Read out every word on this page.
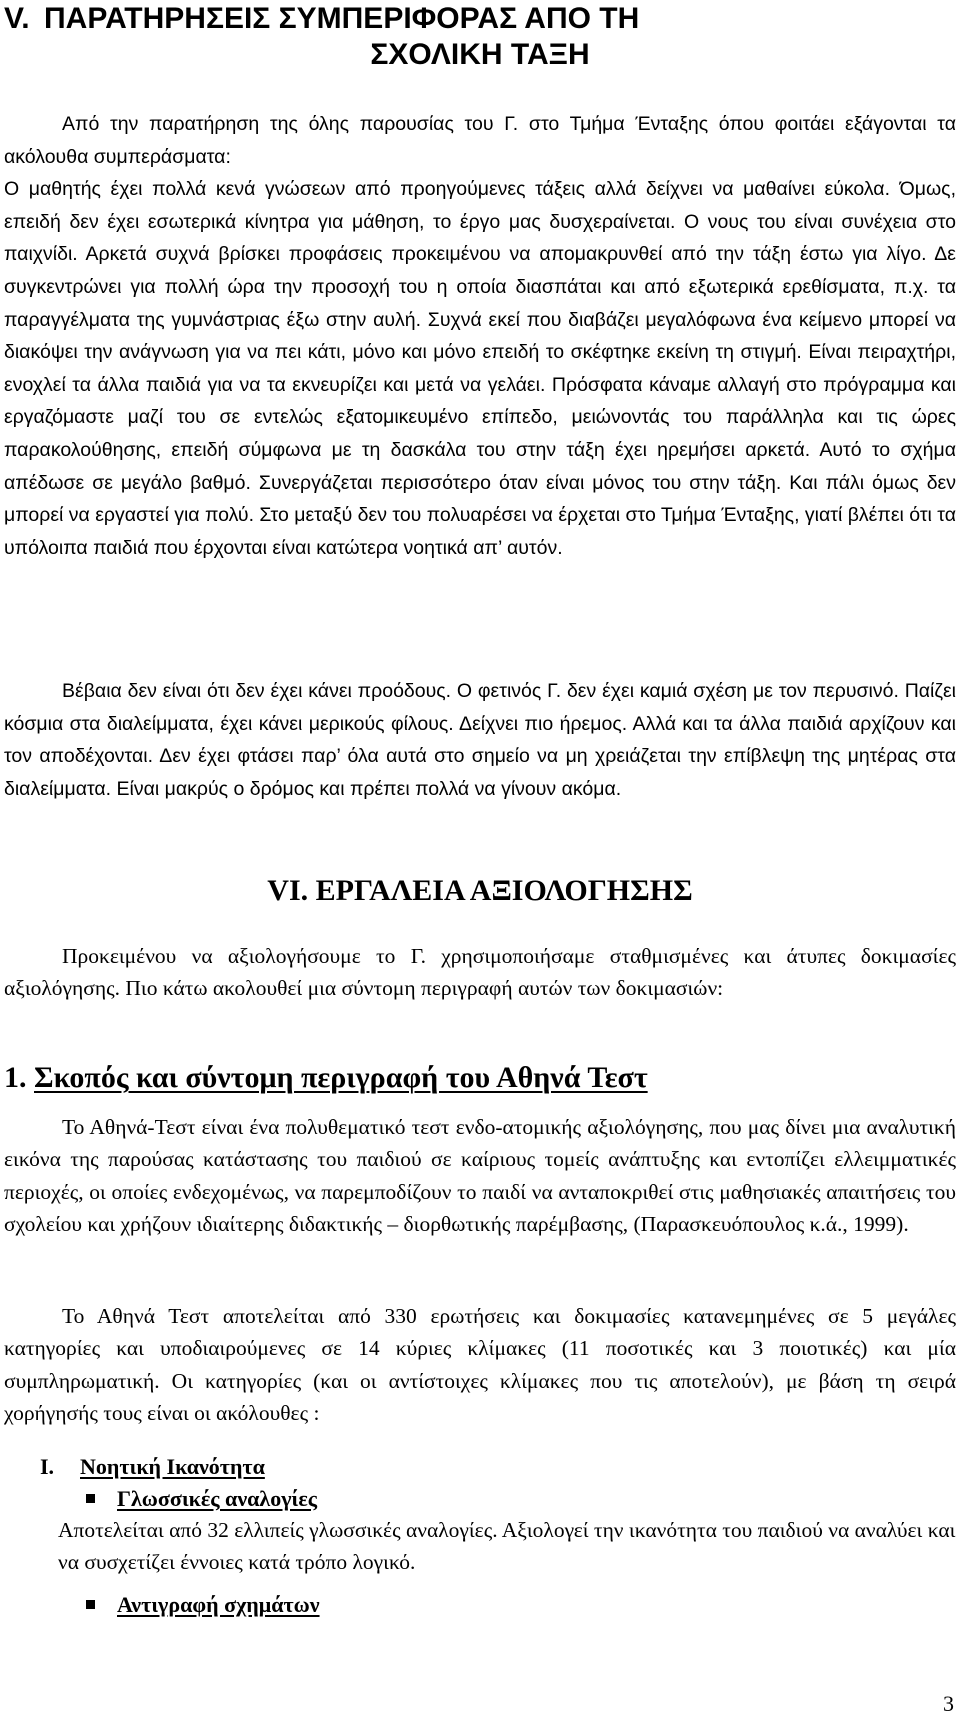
V. ΠΑΡΑΤΗΡΗΣΕΙΣ ΣΥΜΠΕΡΙΦΟΡΑΣ ΑΠΟ ΤΗ
ΣΧΟΛΙΚΗ ΤΑΞΗ
Από την παρατήρηση της όλης παρουσίας του Γ. στο Τμήμα Ένταξης όπου φοιτάει εξάγονται τα ακόλουθα συμπεράσματα:
Ο μαθητής έχει πολλά κενά γνώσεων από προηγούμενες τάξεις αλλά δείχνει να μαθαίνει εύκολα. Όμως, επειδή δεν έχει εσωτερικά κίνητρα για μάθηση, το έργο μας δυσχεραίνεται. Ο νους του είναι συνέχεια στο παιχνίδι. Αρκετά συχνά βρίσκει προφάσεις προκειμένου να απομακρυνθεί από την τάξη έστω για λίγο. Δε συγκεντρώνει για πολλή ώρα την προσοχή του η οποία διασπάται και από εξωτερικά ερεθίσματα, π.χ. τα παραγγέλματα της γυμνάστριας έξω στην αυλή. Συχνά εκεί που διαβάζει μεγαλόφωνα ένα κείμενο μπορεί να διακόψει την ανάγνωση για να πει κάτι, μόνο και μόνο επειδή το σκέφτηκε εκείνη τη στιγμή. Είναι πειραχτήρι, ενοχλεί τα άλλα παιδιά για να τα εκνευρίζει και μετά να γελάει. Πρόσφατα κάναμε αλλαγή στο πρόγραμμα και εργαζόμαστε μαζί του σε εντελώς εξατομικευμένο επίπεδο, μειώνοντάς του παράλληλα και τις ώρες παρακολούθησης, επειδή σύμφωνα με τη δασκάλα του στην τάξη έχει ηρεμήσει αρκετά. Αυτό το σχήμα απέδωσε σε μεγάλο βαθμό. Συνεργάζεται περισσότερο όταν είναι μόνος του στην τάξη. Και πάλι όμως δεν μπορεί να εργαστεί για πολύ. Στο μεταξύ δεν του πολυαρέσει να έρχεται στο Τμήμα Ένταξης, γιατί βλέπει ότι τα υπόλοιπα παιδιά που έρχονται είναι κατώτερα νοητικά απ’ αυτόν.
Βέβαια δεν είναι ότι δεν έχει κάνει προόδους. Ο φετινός Γ. δεν έχει καμιά σχέση με τον περυσινό. Παίζει κόσμια στα διαλείμματα, έχει κάνει μερικούς φίλους. Δείχνει πιο ήρεμος. Αλλά και τα άλλα παιδιά αρχίζουν και τον αποδέχονται. Δεν έχει φτάσει παρ’ όλα αυτά στο σημείο να μη χρειάζεται την επίβλεψη της μητέρας στα διαλείμματα. Είναι μακρύς ο δρόμος και πρέπει πολλά να γίνουν ακόμα.
VI. ΕΡΓΑΛΕΙΑ ΑΞΙΟΛΟΓΗΣΗΣ
Προκειμένου να αξιολογήσουμε το Γ. χρησιμοποιήσαμε σταθμισμένες και άτυπες δοκιμασίες αξιολόγησης. Πιο κάτω ακολουθεί μια σύντομη περιγραφή αυτών των δοκιμασιών:
1. Σκοπός και σύντομη περιγραφή του Αθηνά Τεστ
Το Αθηνά-Τεστ είναι ένα πολυθεματικό τεστ ενδο-ατομικής αξιολόγησης, που μας δίνει μια αναλυτική εικόνα της παρούσας κατάστασης του παιδιού σε καίριους τομείς ανάπτυξης και εντοπίζει ελλειμματικές περιοχές, οι οποίες ενδεχομένως, να παρεμποδίζουν το παιδί να ανταποκριθεί στις μαθησιακές απαιτήσεις του σχολείου και χρήζουν ιδιαίτερης διδακτικής – διορθωτικής παρέμβασης, (Παρασκευόπουλος κ.ά., 1999).
Το Αθηνά Τεστ αποτελείται από 330 ερωτήσεις και δοκιμασίες κατανεμημένες σε 5 μεγάλες κατηγορίες και υποδιαιρούμενες σε 14 κύριες κλίμακες (11 ποσοτικές και 3 ποιοτικές) και μία συμπληρωματική. Οι κατηγορίες (και οι αντίστοιχες κλίμακες που τις αποτελούν), με βάση τη σειρά χορήγησής τους είναι οι ακόλουθες :
I. Νοητική Ικανότητα
Γλωσσικές αναλογίες
Αποτελείται από 32 ελλιπείς γλωσσικές αναλογίες. Αξιολογεί την ικανότητα του παιδιού να αναλύει και να συσχετίζει έννοιες κατά τρόπο λογικό.
Αντιγραφή σχημάτων
3
